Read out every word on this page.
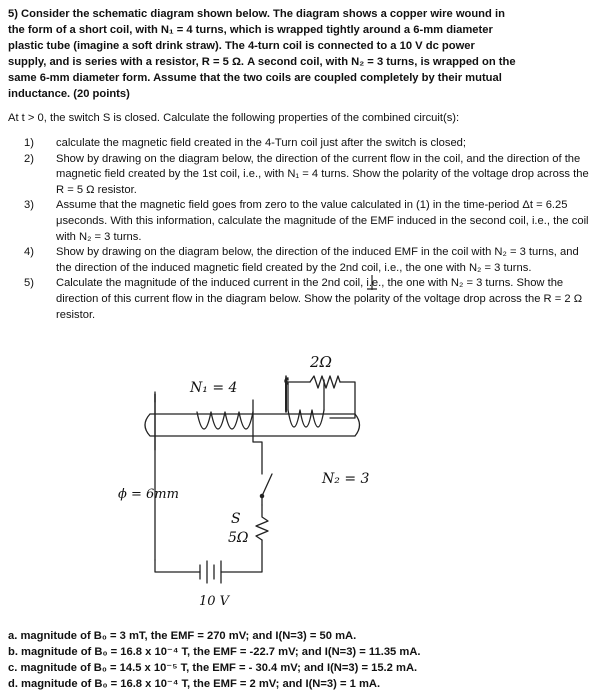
5) Consider the schematic diagram shown below. The diagram shows a copper wire wound in
the form of a short coil, with N₁ = 4 turns, which is wrapped tightly around a 6-mm diameter
plastic tube (imagine a soft drink straw). The 4-turn coil is connected to a 10 V dc power
supply, and is series with a resistor, R = 5 Ω. A second coil, with N₂ = 3 turns, is wrapped on the
same 6-mm diameter form. Assume that the two coils are coupled completely by their mutual
inductance. (20 points)
At t > 0, the switch S is closed. Calculate the following properties of the combined circuit(s):
1) calculate the magnetic field created in the 4-Turn coil just after the switch is closed;
2) Show by drawing on the diagram below, the direction of the current flow in the coil, and the direction of the magnetic field created by the 1st coil, i.e., with N₁ = 4 turns. Show the polarity of the voltage drop across the R = 5 Ω resistor.
3) Assume that the magnetic field goes from zero to the value calculated in (1) in the time-period Δt = 6.25 μseconds. With this information, calculate the magnitude of the EMF induced in the second coil, i.e., the coil with N₂ = 3 turns.
4) Show by drawing on the diagram below, the direction of the induced EMF in the coil with N₂ = 3 turns, and the direction of the induced magnetic field created by the 2nd coil, i.e., the one with N₂ = 3 turns.
5) Calculate the magnitude of the induced current in the 2nd coil, i.e., the one with N₂ = 3 turns. Show the direction of this current flow in the diagram below. Show the polarity of the voltage drop across the R = 2 Ω resistor.
2Ω
N₁ = 4
N₂ = 3
ϕ = 6mm
S
5Ω
10 V
a. magnitude of B₀ = 3 mT, the EMF = 270 mV; and I(N=3) = 50 mA.
b. magnitude of B₀ = 16.8 x 10⁻⁴ T, the EMF = -22.7 mV; and I(N=3) = 11.35 mA.
c. magnitude of B₀ = 14.5 x 10⁻⁵ T, the EMF = - 30.4 mV; and I(N=3) = 15.2 mA.
d. magnitude of B₀ = 16.8 x 10⁻⁴ T, the EMF = 2 mV; and I(N=3) = 1 mA.
